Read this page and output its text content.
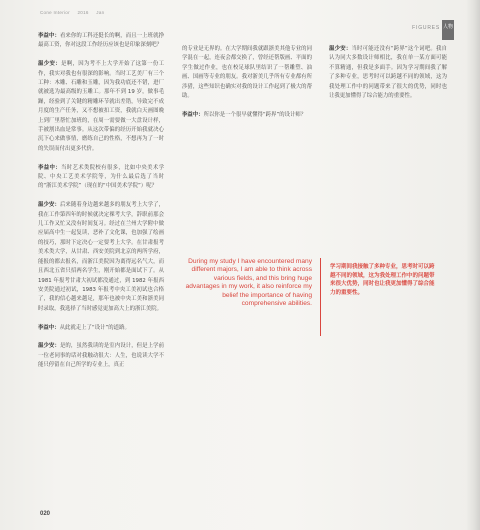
Cone Interior 2016 Jan
FIGURES 人物

李益中：看来你的工科还挺长的啊，而且一上班就挣最高工资，你对这段工作经历应该也是印象深刻吧？

温少安：是啊，因为考不上大学开始了这第一份工作，我实对我也有很深的影响。当时工艺美厂有三个工种：木雕、石雕和玉雕，因为我功底还不错，进厂就被选为最高级的玉雕工。那年不到 19 岁，做事毛躁，经验到了关键的精雕环节就出差错，导致完不成月度的生产任务，又不想被扣工资，我就白天画图晚上到厂里帮忙加班的，在周一需要做一大盘设计样，手被割出血是常事。从这次带偏的经历开始我就决心沉下心来做事情，磨练自己的性格，不想再为了一时的失误而付出更多代价。

李益中：当时艺术类院校有很多，比如中央美术学院、中央工艺美术学院等，为什么最后选了当时的“浙江美术学院”（现在的“中国美术学院”）呢？

温少安：后来随着身边越来越多的朋友考上大学了，我在工作第四年的时候就决定裸考大学，辞职前那会儿工作又忙又没有时间复习。经过在兰州大学附中做应届高中生一起复读，恶补了文化课，也加强了绘画的技巧，那时下定决心一定要考上大学。在甘肃报考美术类大学，从甘肃、西安美院到北京的两所学府，能报的都去报名，而浙江美院因为离得远名气大，而且西北五省只招两名学生，刚开始都是面试下了。从 1981 年报考甘肃大初试都没通过，到 1982 年报西安美院通过初试，1983 年报考中央工美初试也合格了，我的信心越来越足，那年也被中央工美和浙美同时录取，我选择了当时感觉更加高大上的浙江美院。

李益中：从此就走上了“设计”的道路。

温少安：是的，虽然我读的是室内设计，但是上学前一位老同事的话对我触动很大：人生，也说读大学不能只停留在自己所学的专业上，真正

的专业是无界的。在大学期间我就跟浙美其他专业的同学混在一起，连夜会都交换了，曾经还帮版画、平面的学生做过作业，也在校足球队里结识了一帮雕塑、油画、国画等专业的朋友。我对浙美几乎所有专业都有所涉猎，这些知识也确实对我的设计工作起到了极大的帮助。

李益中：所以你是一个很早就懂得“跨界”的设计师？

温少安：当时可能还没有“跨界”这个词吧。我自认为同大多数设计师相比，我在单一某方面可能不算精通，但我是多面手。因为学习期间我了解了多种专业，思考时可以跨越不同的领域，这为我处理工作中的问题带来了很大的优势，同时也让我更加懂得了综合能力的重要性。

During my study I have encountered many different majors, I am able to think across various fields, and this bring huge advantages in my work, it also reinforce my belief the importance of having comprehensive abilities.
学习期间我接触了多种专业，思考时可以跨越不同的领域，这为我处理工作中的问题带来很大优势，同时也让我更加懂得了综合能力的重要性。
020
